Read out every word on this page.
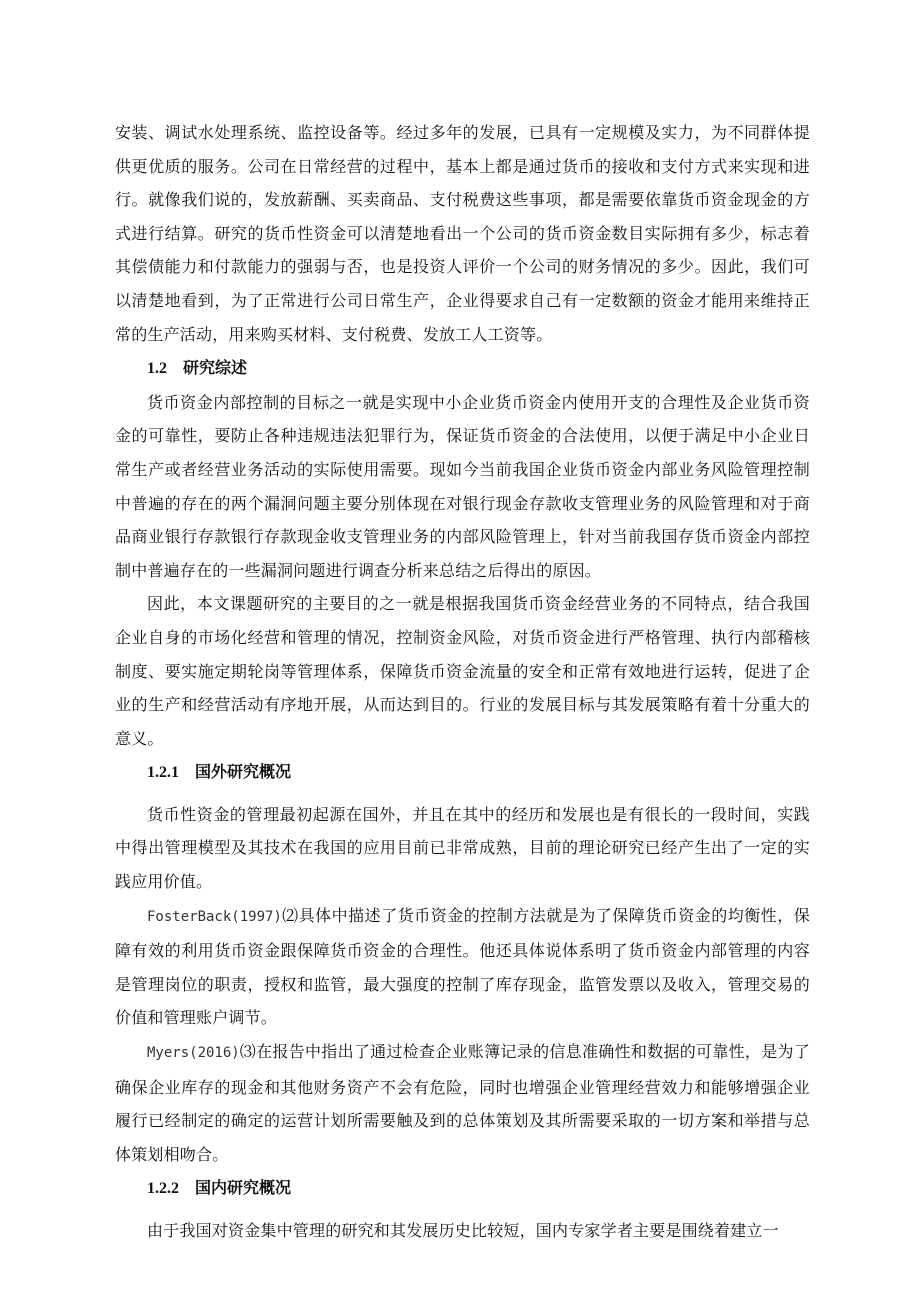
安装、调试水处理系统、监控设备等。经过多年的发展，已具有一定规模及实力，为不同群体提供更优质的服务。公司在日常经营的过程中，基本上都是通过货币的接收和支付方式来实现和进行。就像我们说的，发放薪酬、买卖商品、支付税费这些事项，都是需要依靠货币资金现金的方式进行结算。研究的货币性资金可以清楚地看出一个公司的货币资金数目实际拥有多少，标志着其偿债能力和付款能力的强弱与否，也是投资人评价一个公司的财务情况的多少。因此，我们可以清楚地看到，为了正常进行公司日常生产，企业得要求自己有一定数额的资金才能用来维持正常的生产活动，用来购买材料、支付税费、发放工人工资等。

1.2 研究综述

货币资金内部控制的目标之一就是实现中小企业货币资金内使用开支的合理性及企业货币资金的可靠性，要防止各种违规违法犯罪行为，保证货币资金的合法使用，以便于满足中小企业日常生产或者经营业务活动的实际使用需要。现如今当前我国企业货币资金内部业务风险管理控制中普遍的存在的两个漏洞问题主要分别体现在对银行现金存款收支管理业务的风险管理和对于商品商业银行存款银行存款现金收支管理业务的内部风险管理上，针对当前我国存货币资金内部控制中普遍存在的一些漏洞问题进行调查分析来总结之后得出的原因。

因此，本文课题研究的主要目的之一就是根据我国货币资金经营业务的不同特点，结合我国企业自身的市场化经营和管理的情况，控制资金风险，对货币资金进行严格管理、执行内部稽核制度、要实施定期轮岗等管理体系，保障货币资金流量的安全和正常有效地进行运转，促进了企业的生产和经营活动有序地开展，从而达到目的。行业的发展目标与其发展策略有着十分重大的意义。

1.2.1 国外研究概况

货币性资金的管理最初起源在国外，并且在其中的经历和发展也是有很长的一段时间，实践中得出管理模型及其技术在我国的应用目前已非常成熟，目前的理论研究已经产生出了一定的实践应用价值。

FosterBack(1997)⑵具体中描述了货币资金的控制方法就是为了保障货币资金的均衡性，保障有效的利用货币资金跟保障货币资金的合理性。他还具体说体系明了货币资金内部管理的内容是管理岗位的职责，授权和监管，最大强度的控制了库存现金，监管发票以及收入，管理交易的价值和管理账户调节。

Myers(2016)⑶在报告中指出了通过检查企业账簿记录的信息准确性和数据的可靠性，是为了确保企业库存的现金和其他财务资产不会有危险，同时也增强企业管理经营效力和能够增强企业履行已经制定的确定的运营计划所需要触及到的总体策划及其所需要采取的一切方案和举措与总体策划相吻合。

1.2.2 国内研究概况

由于我国对资金集中管理的研究和其发展历史比较短，国内专家学者主要是围绕着建立一
